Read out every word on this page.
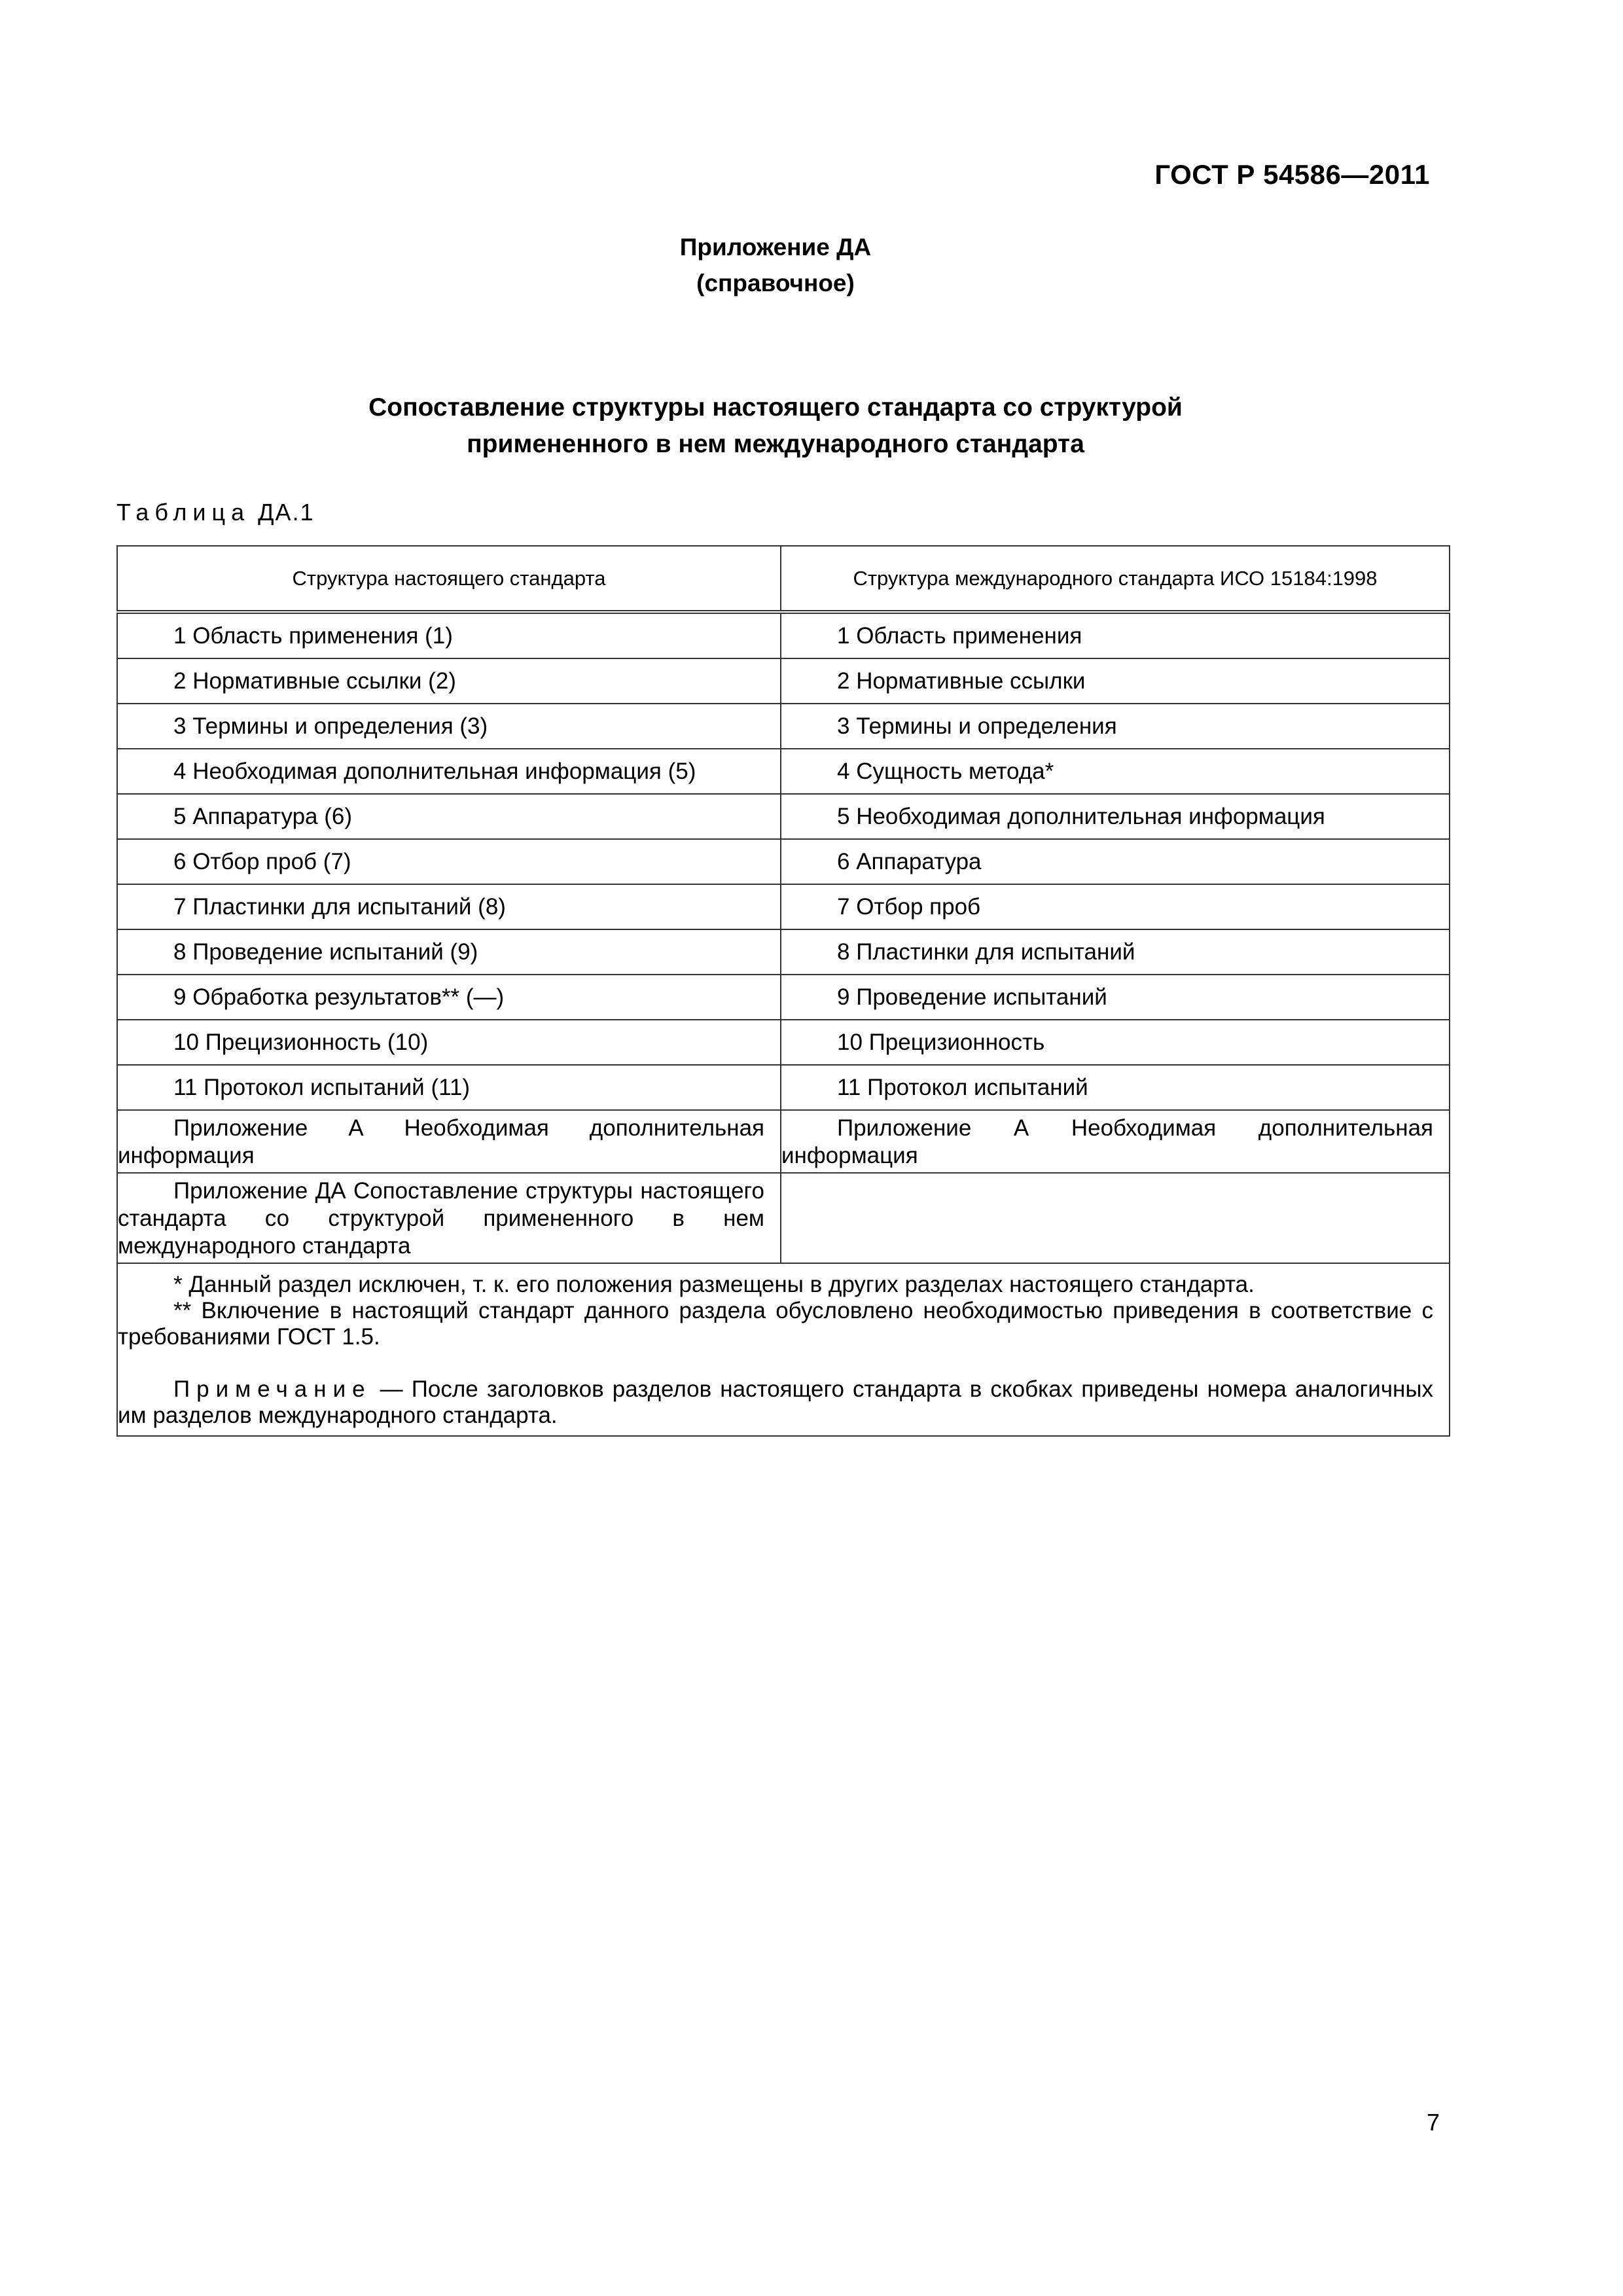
ГОСТ Р 54586—2011
Приложение ДА
(справочное)
Сопоставление структуры настоящего стандарта со структурой
примененного в нем международного стандарта
Таблица ДА.1
Структура настоящего стандарта	Структура международного стандарта ИСО 15184:1998
1 Область применения (1)	1 Область применения
2 Нормативные ссылки (2)	2 Нормативные ссылки
3 Термины и определения (3)	3 Термины и определения
4 Необходимая дополнительная информация (5)	4 Сущность метода*
5 Аппаратура (6)	5 Необходимая дополнительная информация
6 Отбор проб (7)	6 Аппаратура
7 Пластинки для испытаний (8)	7 Отбор проб
8 Проведение испытаний (9)	8 Пластинки для испытаний
9 Обработка результатов** (—)	9 Проведение испытаний
10 Прецизионность (10)	10 Прецизионность
11 Протокол испытаний (11)	11 Протокол испытаний

Приложение А Необходимая дополнительная информация	Приложение А Необходимая дополнительная информация

Приложение ДА Сопоставление структуры настоящего стандарта со структурой примененного в нем международного стандарта	

* Данный раздел исключен, т. к. его положения размещены в других разделах настоящего стандарта.

** Включение в настоящий стандарт данного раздела обусловлено необходимостью приведения в соответствие с требованиями ГОСТ 1.5.

Примечание — После заголовков разделов настоящего стандарта в скобках приведены номера аналогичных им разделов международного стандарта.	

7
